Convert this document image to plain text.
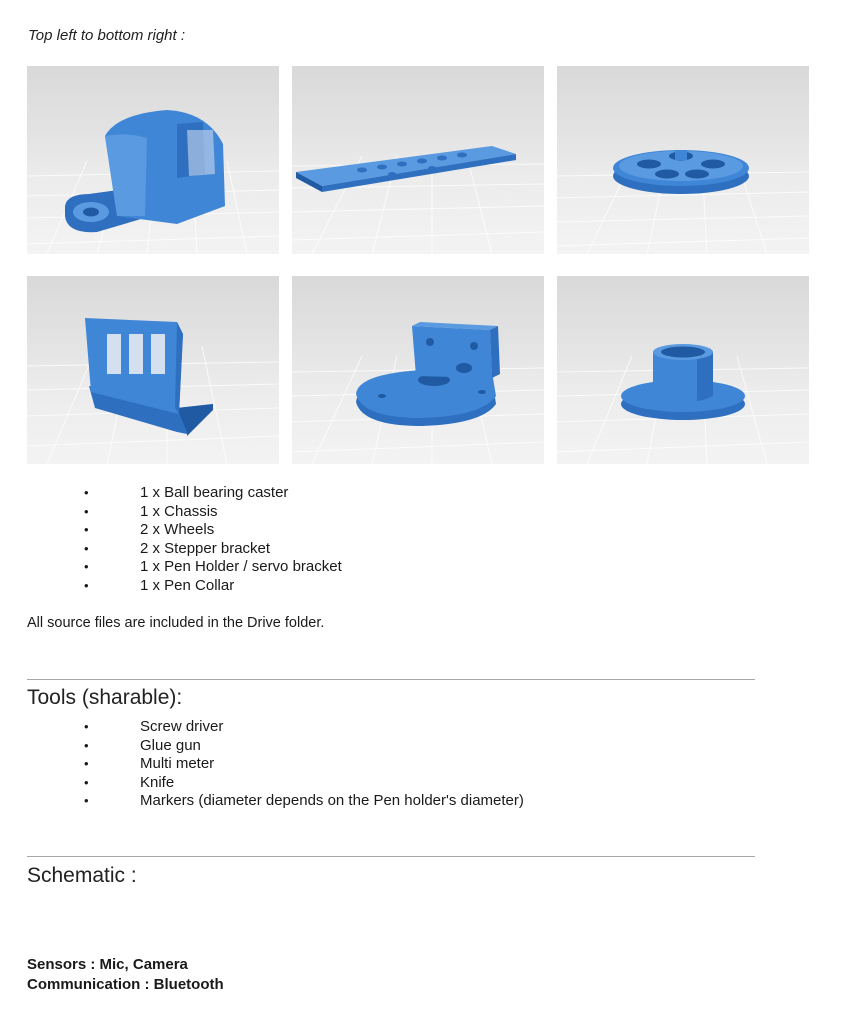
Top left to bottom right :
•	1 x Ball bearing caster
•	1 x Chassis
•	2 x Wheels
•	2 x Stepper bracket
•	1 x Pen Holder / servo bracket
•	1 x Pen Collar
All source files are included in the Drive folder.
Tools (sharable):
•	Screw driver
•	Glue gun
•	Multi meter
•	Knife
•	Markers (diameter depends on the Pen holder's diameter)
Schematic :
Sensors : Mic, Camera
Communication : Bluetooth
